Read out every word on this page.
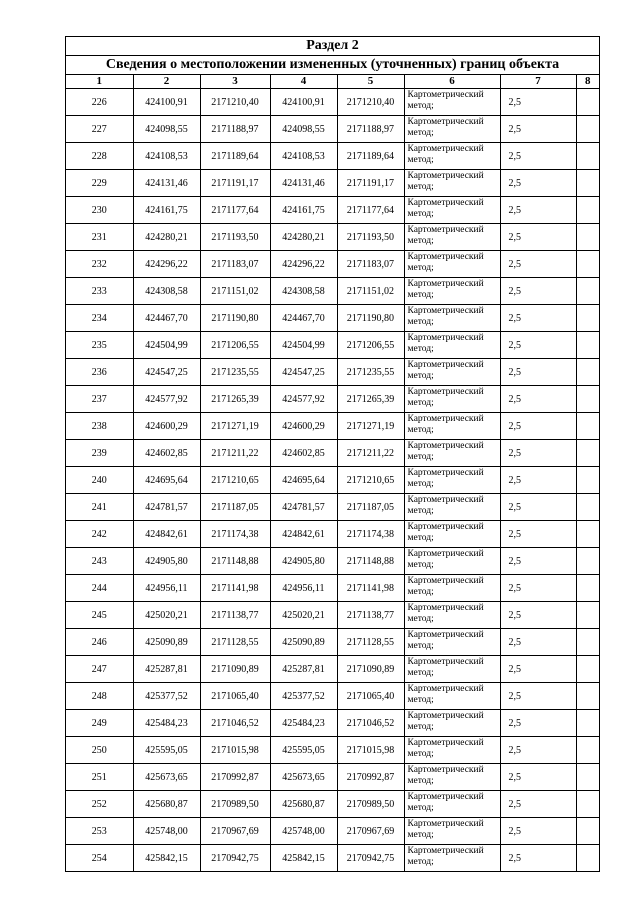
Раздел 2
Сведения о местоположении измененных (уточненных) границ объекта
1	2	3	4	5	6	7	8
226	424100,91	2171210,40	424100,91	2171210,40	Картометрический метод;	2,5	
227	424098,55	2171188,97	424098,55	2171188,97	Картометрический метод;	2,5	
228	424108,53	2171189,64	424108,53	2171189,64	Картометрический метод;	2,5	
229	424131,46	2171191,17	424131,46	2171191,17	Картометрический метод;	2,5	
230	424161,75	2171177,64	424161,75	2171177,64	Картометрический метод;	2,5	
231	424280,21	2171193,50	424280,21	2171193,50	Картометрический метод;	2,5	
232	424296,22	2171183,07	424296,22	2171183,07	Картометрический метод;	2,5	
233	424308,58	2171151,02	424308,58	2171151,02	Картометрический метод;	2,5	
234	424467,70	2171190,80	424467,70	2171190,80	Картометрический метод;	2,5	
235	424504,99	2171206,55	424504,99	2171206,55	Картометрический метод;	2,5	
236	424547,25	2171235,55	424547,25	2171235,55	Картометрический метод;	2,5	
237	424577,92	2171265,39	424577,92	2171265,39	Картометрический метод;	2,5	
238	424600,29	2171271,19	424600,29	2171271,19	Картометрический метод;	2,5	
239	424602,85	2171211,22	424602,85	2171211,22	Картометрический метод;	2,5	
240	424695,64	2171210,65	424695,64	2171210,65	Картометрический метод;	2,5	
241	424781,57	2171187,05	424781,57	2171187,05	Картометрический метод;	2,5	
242	424842,61	2171174,38	424842,61	2171174,38	Картометрический метод;	2,5	
243	424905,80	2171148,88	424905,80	2171148,88	Картометрический метод;	2,5	
244	424956,11	2171141,98	424956,11	2171141,98	Картометрический метод;	2,5	
245	425020,21	2171138,77	425020,21	2171138,77	Картометрический метод;	2,5	
246	425090,89	2171128,55	425090,89	2171128,55	Картометрический метод;	2,5	
247	425287,81	2171090,89	425287,81	2171090,89	Картометрический метод;	2,5	
248	425377,52	2171065,40	425377,52	2171065,40	Картометрический метод;	2,5	
249	425484,23	2171046,52	425484,23	2171046,52	Картометрический метод;	2,5	
250	425595,05	2171015,98	425595,05	2171015,98	Картометрический метод;	2,5	
251	425673,65	2170992,87	425673,65	2170992,87	Картометрический метод;	2,5	
252	425680,87	2170989,50	425680,87	2170989,50	Картометрический метод;	2,5	
253	425748,00	2170967,69	425748,00	2170967,69	Картометрический метод;	2,5	
254	425842,15	2170942,75	425842,15	2170942,75	Картометрический метод;	2,5	
